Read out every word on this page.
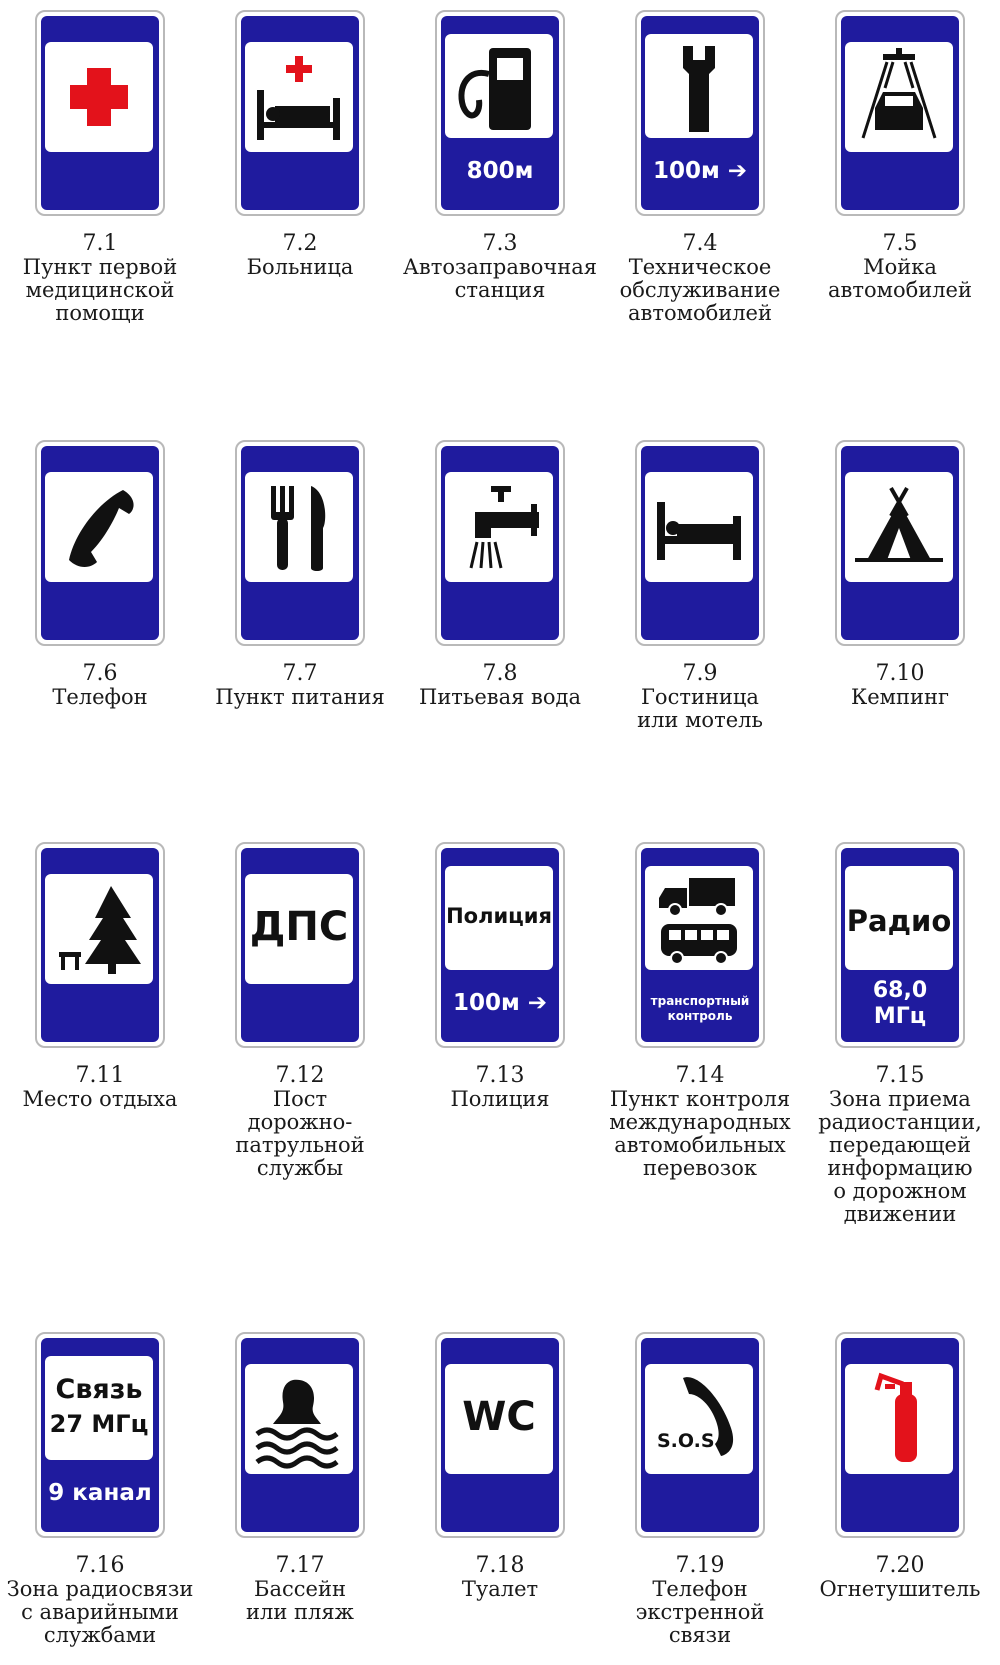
7.1
Пункт первой
медицинской
помощи
7.2
Больница
800м
7.3
Автозаправочная
станция
100м ➔
7.4
Техническое
обслуживание
автомобилей
7.5
Мойка
автомобилей
7.6
Телефон
7.7
Пункт питания
7.8
Питьевая вода
7.9
Гостиница
или мотель
7.10
Кемпинг
7.11
Место отдыха
ДПС
7.12
Пост
дорожно-
патрульной
службы
Полиция
100м ➔
7.13
Полиция
транспортный
контроль
7.14
Пункт контроля
международных
автомобильных
перевозок
Радио
68,0
МГц
7.15
Зона приема
радиостанции,
передающей
информацию
о дорожном
движении
Связь
27 МГц
9 канал
7.16
Зона радиосвязи
с аварийными
службами
7.17
Бассейн
или пляж
WC
7.18
Туалет
S.O.S.
7.19
Телефон
экстренной
связи
7.20
Огнетушитель
